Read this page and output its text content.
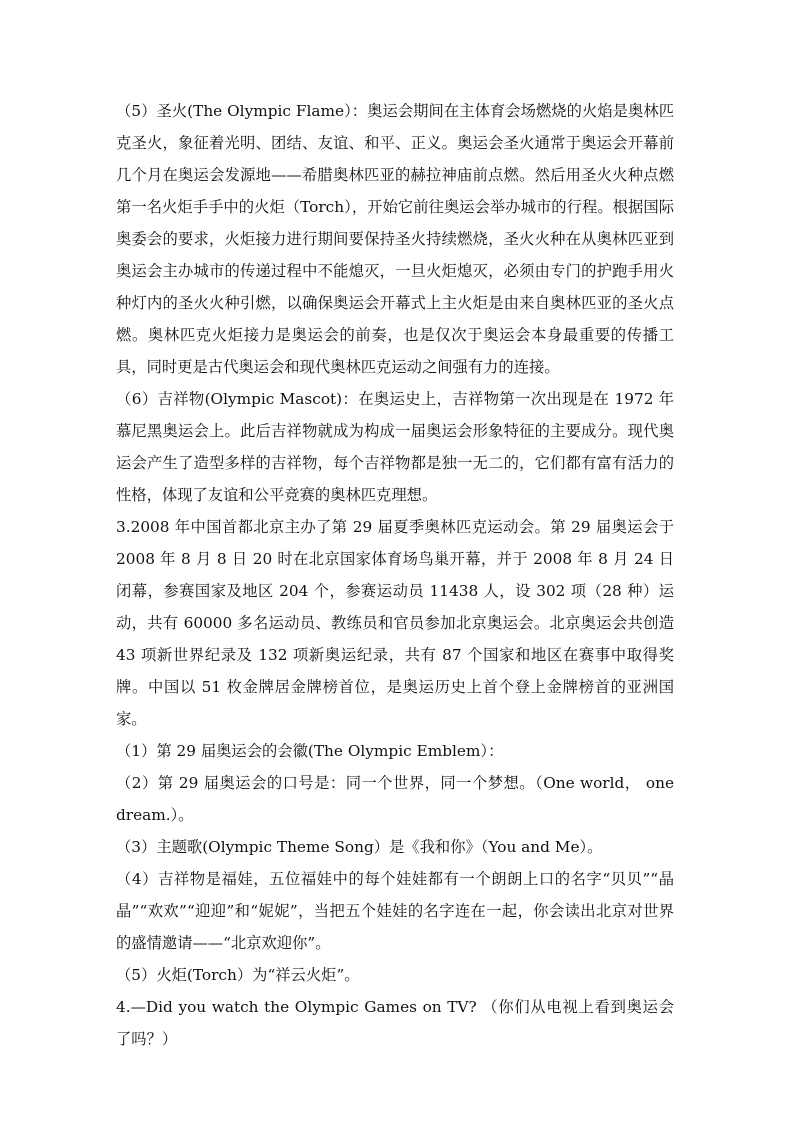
（5）圣火(The Olympic Flame）：奥运会期间在主体育会场燃烧的火焰是奥林匹克圣火，象征着光明、团结、友谊、和平、正义。奥运会圣火通常于奥运会开幕前几个月在奥运会发源地——希腊奥林匹亚的赫拉神庙前点燃。然后用圣火火种点燃第一名火炬手手中的火炬（Torch），开始它前往奥运会举办城市的行程。根据国际奥委会的要求，火炬接力进行期间要保持圣火持续燃烧，圣火火种在从奥林匹亚到奥运会主办城市的传递过程中不能熄灭，一旦火炬熄灭，必须由专门的护跑手用火种灯内的圣火火种引燃，以确保奥运会开幕式上主火炬是由来自奥林匹亚的圣火点燃。奥林匹克火炬接力是奥运会的前奏，也是仅次于奥运会本身最重要的传播工具，同时更是古代奥运会和现代奥林匹克运动之间强有力的连接。

（6）吉祥物(Olympic Mascot)：在奥运史上，吉祥物第一次出现是在 1972 年慕尼黑奥运会上。此后吉祥物就成为构成一届奥运会形象特征的主要成分。现代奥运会产生了造型多样的吉祥物，每个吉祥物都是独一无二的，它们都有富有活力的性格，体现了友谊和公平竞赛的奥林匹克理想。

3.2008 年中国首都北京主办了第 29 届夏季奥林匹克运动会。第 29 届奥运会于 2008 年 8 月 8 日 20 时在北京国家体育场鸟巢开幕，并于 2008 年 8 月 24 日闭幕，参赛国家及地区 204 个，参赛运动员 11438 人，设 302 项（28 种）运动，共有 60000 多名运动员、教练员和官员参加北京奥运会。北京奥运会共创造 43 项新世界纪录及 132 项新奥运纪录，共有 87 个国家和地区在赛事中取得奖牌。中国以 51 枚金牌居金牌榜首位，是奥运历史上首个登上金牌榜首的亚洲国家。

（1）第 29 届奥运会的会徽(The Olympic Emblem）：

（2）第 29 届奥运会的口号是：同一个世界，同一个梦想。（One world， one dream.）。

（3）主题歌(Olympic Theme Song）是《我和你》（You and Me）。

（4）吉祥物是福娃，五位福娃中的每个娃娃都有一个朗朗上口的名字“贝贝”“晶晶”“欢欢”“迎迎”和“妮妮”，当把五个娃娃的名字连在一起，你会读出北京对世界的盛情邀请——“北京欢迎你”。

（5）火炬(Torch）为“祥云火炬”。

4.—Did you watch the Olympic Games on TV? （你们从电视上看到奥运会了吗？）
